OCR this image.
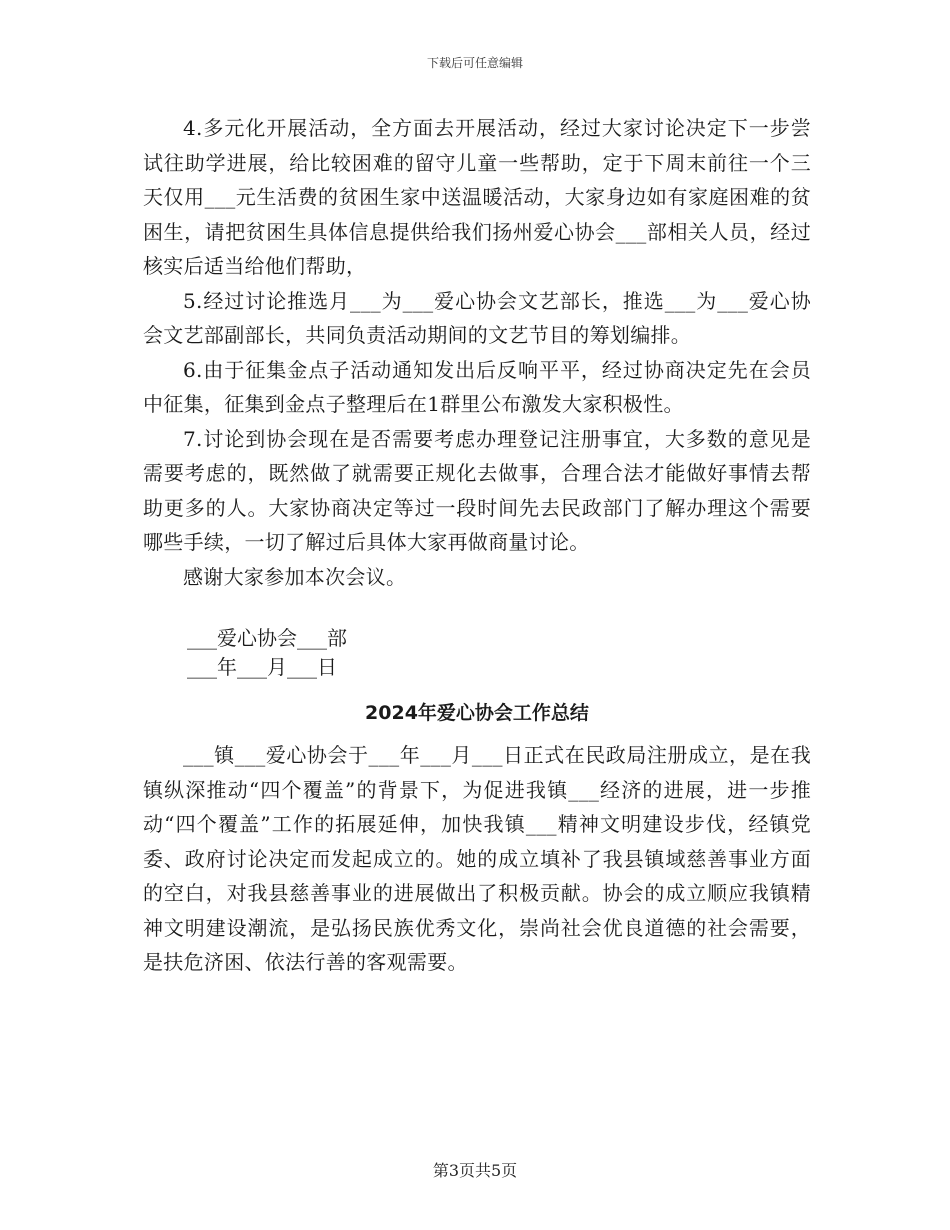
下载后可任意编辑

4.多元化开展活动，全方面去开展活动，经过大家讨论决定下一步尝试往助学进展，给比较困难的留守儿童一些帮助，定于下周末前往一个三天仅用___元生活费的贫困生家中送温暖活动，大家身边如有家庭困难的贫困生，请把贫困生具体信息提供给我们扬州爱心协会___部相关人员，经过核实后适当给他们帮助，

5.经过讨论推选月___为___爱心协会文艺部长，推选___为___爱心协会文艺部副部长，共同负责活动期间的文艺节目的筹划编排。

6.由于征集金点子活动通知发出后反响平平，经过协商决定先在会员中征集，征集到金点子整理后在1群里公布激发大家积极性。

7.讨论到协会现在是否需要考虑办理登记注册事宜，大多数的意见是需要考虑的，既然做了就需要正规化去做事，合理合法才能做好事情去帮助更多的人。大家协商决定等过一段时间先去民政部门了解办理这个需要哪些手续，一切了解过后具体大家再做商量讨论。

感谢大家参加本次会议。

___爱心协会___部

___年___月___日

2024年爱心协会工作总结

___镇___爱心协会于___年___月___日正式在民政局注册成立，是在我镇纵深推动“四个覆盖”的背景下，为促进我镇___经济的进展，进一步推动“四个覆盖”工作的拓展延伸，加快我镇___精神文明建设步伐，经镇党委、政府讨论决定而发起成立的。她的成立填补了我县镇域慈善事业方面的空白，对我县慈善事业的进展做出了积极贡献。协会的成立顺应我镇精神文明建设潮流，是弘扬民族优秀文化，崇尚社会优良道德的社会需要，是扶危济困、依法行善的客观需要。

第3页共5页
